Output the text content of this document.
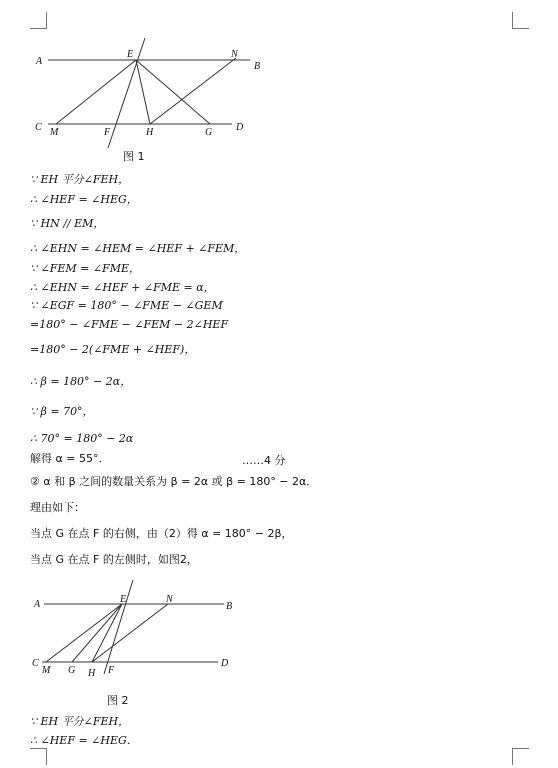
A
E	N
B
C M	F	H	G D
图 1
∵ EH 平分∠FEH，
∴ ∠HEF = ∠HEG，
∵ HN // EM，
∴ ∠EHN = ∠HEM = ∠HEF + ∠FEM，
∵ ∠FEM = ∠FME，
∴ ∠EHN = ∠HEF + ∠FME = α，
∵ ∠EGF = 180° − ∠FME − ∠GEM
=180° − ∠FME − ∠FEM − 2∠HEF
=180° − 2(∠FME + ∠HEF)，
∴ β = 180° − 2α，
∵ β = 70°，
∴ 70° = 180° − 2α
解得 α = 55°．	……4 分
② α 和 β 之间的数量关系为 β = 2α 或 β = 180° − 2α．
理由如下：
当点 G 在点 F 的右侧，由（2）得 α = 180° − 2β，
当点 G 在点 F 的左侧时，如图2，
A	E	N
B
C
M G H F
D
图 2
∵ EH 平分∠FEH，
∴ ∠HEF = ∠HEG．
